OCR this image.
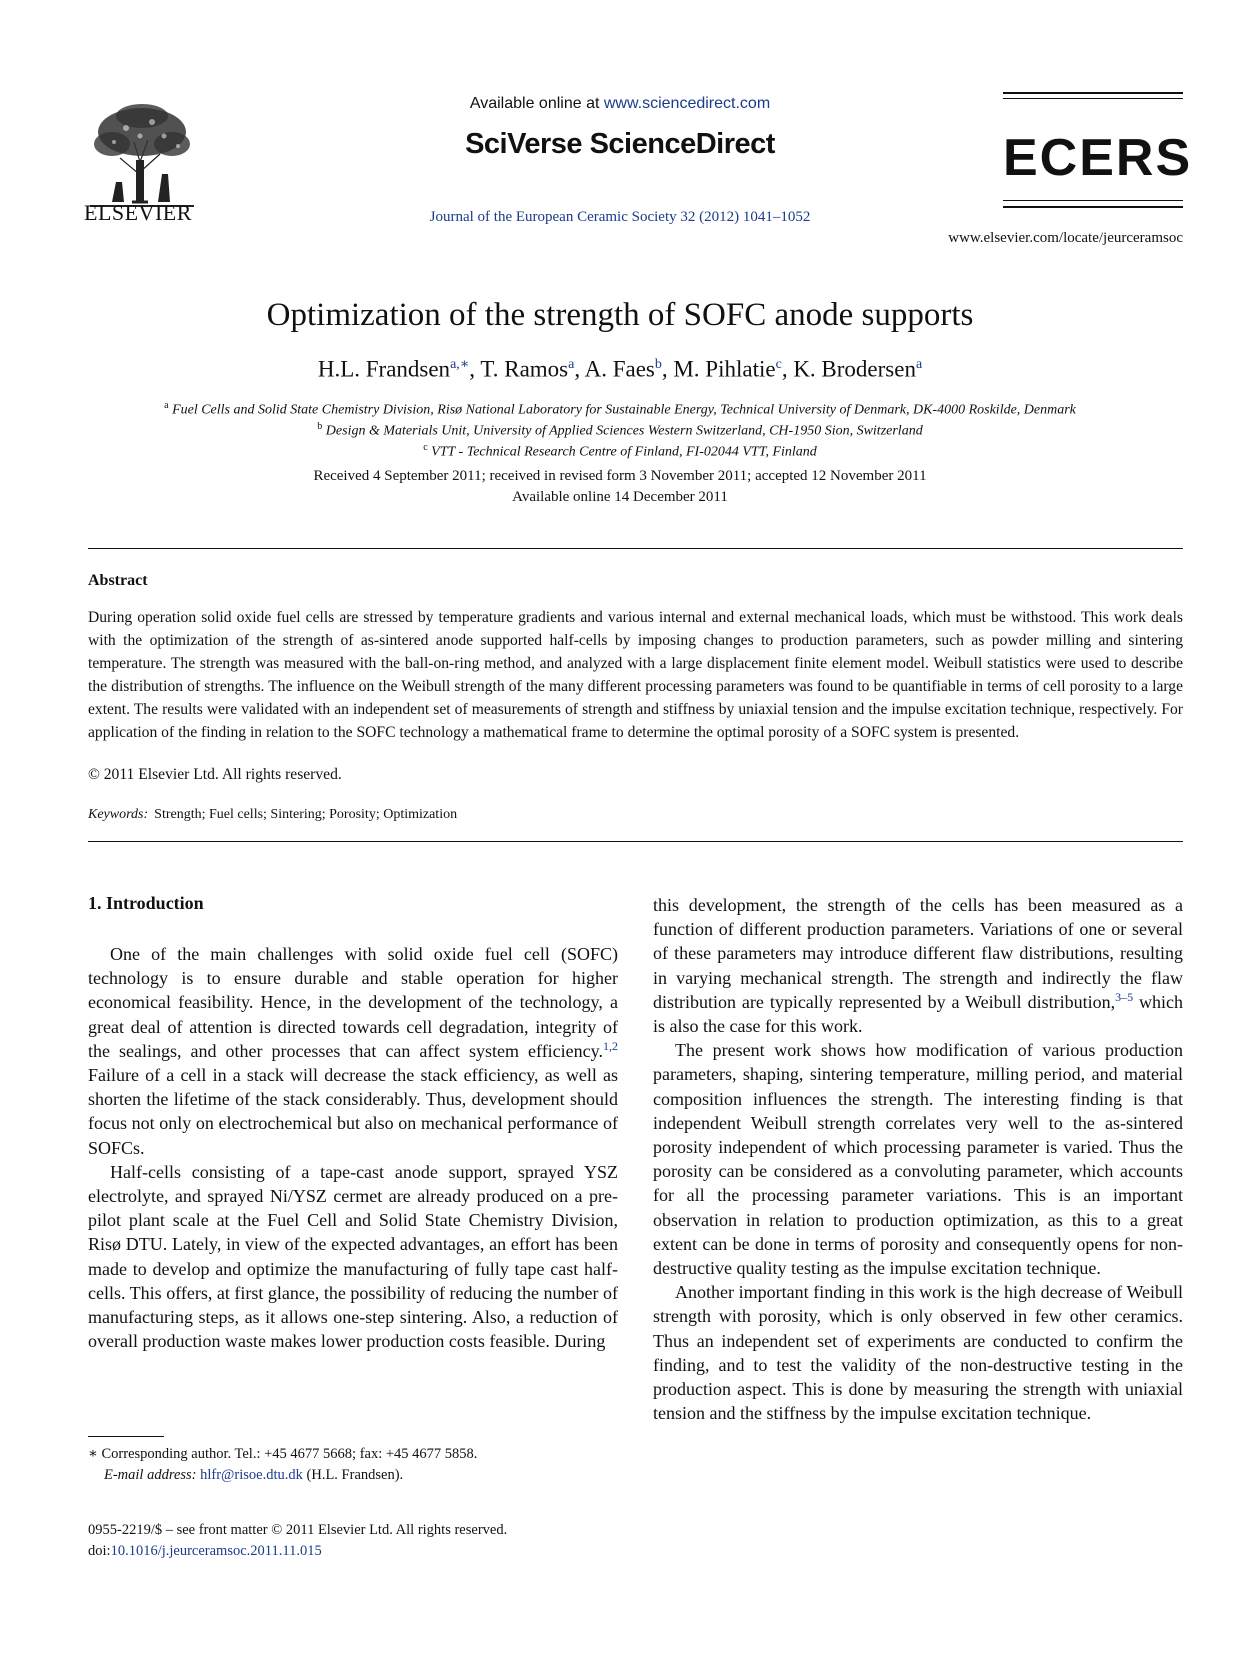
ELSEVIER
Available online at www.sciencedirect.com
SciVerse ScienceDirect
Journal of the European Ceramic Society 32 (2012) 1041–1052
ECERS
www.elsevier.com/locate/jeurceramsoc
Optimization of the strength of SOFC anode supports
H.L. Frandsen$^{a,∗}$, T. Ramos$^a$, A. Faes$^b$, M. Pihlatie$^c$, K. Brodersen$^a$
$^a$ Fuel Cells and Solid State Chemistry Division, Risø National Laboratory for Sustainable Energy, Technical University of Denmark, DK-4000 Roskilde, Denmark
$^b$ Design & Materials Unit, University of Applied Sciences Western Switzerland, CH-1950 Sion, Switzerland
$^c$ VTT - Technical Research Centre of Finland, FI-02044 VTT, Finland
Received 4 September 2011; received in revised form 3 November 2011; accepted 12 November 2011
Available online 14 December 2011
Abstract
During operation solid oxide fuel cells are stressed by temperature gradients and various internal and external mechanical loads, which must be withstood. This work deals with the optimization of the strength of as-sintered anode supported half-cells by imposing changes to production parameters, such as powder milling and sintering temperature. The strength was measured with the ball-on-ring method, and analyzed with a large displacement finite element model. Weibull statistics were used to describe the distribution of strengths. The influence on the Weibull strength of the many different processing parameters was found to be quantifiable in terms of cell porosity to a large extent. The results were validated with an independent set of measurements of strength and stiffness by uniaxial tension and the impulse excitation technique, respectively. For application of the finding in relation to the SOFC technology a mathematical frame to determine the optimal porosity of a SOFC system is presented.
© 2011 Elsevier Ltd. All rights reserved.
Keywords: Strength; Fuel cells; Sintering; Porosity; Optimization
1. Introduction

One of the main challenges with solid oxide fuel cell (SOFC) technology is to ensure durable and stable operation for higher economical feasibility. Hence, in the development of the technology, a great deal of attention is directed towards cell degradation, integrity of the sealings, and other processes that can affect system efficiency.$^{1,2}$ Failure of a cell in a stack will decrease the stack efficiency, as well as shorten the lifetime of the stack considerably. Thus, development should focus not only on electrochemical but also on mechanical performance of SOFCs.

Half-cells consisting of a tape-cast anode support, sprayed YSZ electrolyte, and sprayed Ni/YSZ cermet are already produced on a pre-pilot plant scale at the Fuel Cell and Solid State Chemistry Division, Risø DTU. Lately, in view of the expected advantages, an effort has been made to develop and optimize the manufacturing of fully tape cast half-cells. This offers, at first glance, the possibility of reducing the number of manufacturing steps, as it allows one-step sintering. Also, a reduction of overall production waste makes lower production costs feasible. During

this development, the strength of the cells has been measured as a function of different production parameters. Variations of one or several of these parameters may introduce different flaw distributions, resulting in varying mechanical strength. The strength and indirectly the flaw distribution are typically represented by a Weibull distribution,$^{3-5}$ which is also the case for this work.

The present work shows how modification of various production parameters, shaping, sintering temperature, milling period, and material composition influences the strength. The interesting finding is that independent Weibull strength correlates very well to the as-sintered porosity independent of which processing parameter is varied. Thus the porosity can be considered as a convoluting parameter, which accounts for all the processing parameter variations. This is an important observation in relation to production optimization, as this to a great extent can be done in terms of porosity and consequently opens for non-destructive quality testing as the impulse excitation technique.

Another important finding in this work is the high decrease of Weibull strength with porosity, which is only observed in few other ceramics. Thus an independent set of experiments are conducted to confirm the finding, and to test the validity of the non-destructive testing in the production aspect. This is done by measuring the strength with uniaxial tension and the stiffness by the impulse excitation technique.

∗ Corresponding author. Tel.: +45 4677 5668; fax: +45 4677 5858.
E-mail address: hlfr@risoe.dtu.dk (H.L. Frandsen).
0955-2219/$ – see front matter © 2011 Elsevier Ltd. All rights reserved.
doi:10.1016/j.jeurceramsoc.2011.11.015
